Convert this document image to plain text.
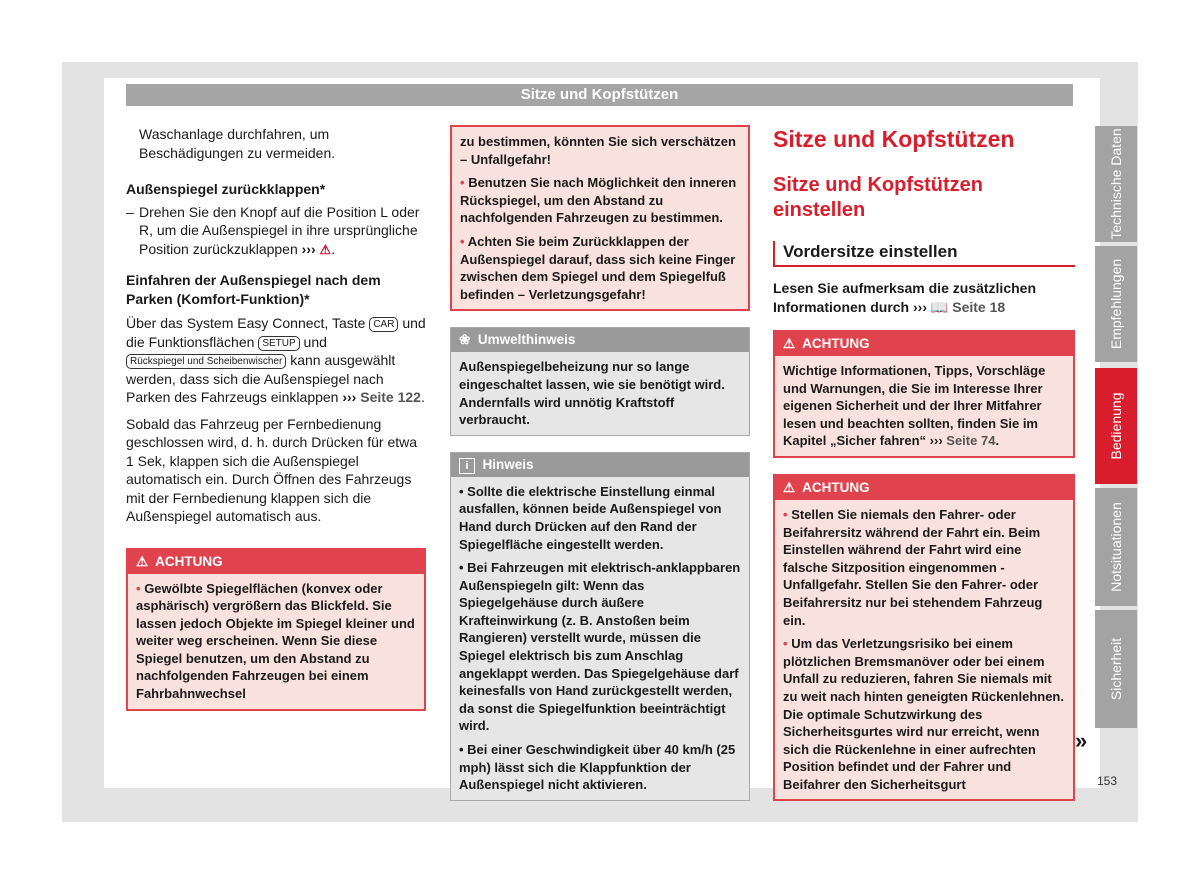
Sitze und Kopfstützen

Waschanlage durchfahren, um Beschädigungen zu vermeiden.

Außenspiegel zurückklappen*

– Drehen Sie den Knopf auf die Position L oder R, um die Außenspiegel in ihre ursprüngliche Position zurückzuklappen ››› ⚠.

Einfahren der Außenspiegel nach dem Parken (Komfort-Funktion)*

Über das System Easy Connect, Taste CAR und die Funktionsflächen SETUP und Rückspiegel und Scheibenwischer kann ausgewählt werden, dass sich die Außenspiegel nach Parken des Fahrzeugs einklappen ››› Seite 122.

Sobald das Fahrzeug per Fernbedienung geschlossen wird, d. h. durch Drücken für etwa 1 Sek, klappen sich die Außenspiegel automatisch ein. Durch Öffnen des Fahrzeugs mit der Fernbedienung klappen sich die Außenspiegel automatisch aus.

⚠ ACHTUNG

• Gewölbte Spiegelflächen (konvex oder asphärisch) vergrößern das Blickfeld. Sie lassen jedoch Objekte im Spiegel kleiner und weiter weg erscheinen. Wenn Sie diese Spiegel benutzen, um den Abstand zu nachfolgenden Fahrzeugen bei einem Fahrbahnwechsel

zu bestimmen, könnten Sie sich verschätzen – Unfallgefahr!

• Benutzen Sie nach Möglichkeit den inneren Rückspiegel, um den Abstand zu nachfolgenden Fahrzeugen zu bestimmen.

• Achten Sie beim Zurückklappen der Außenspiegel darauf, dass sich keine Finger zwischen dem Spiegel und dem Spiegelfuß befinden – Verletzungsgefahr!

❀ Umwelthinweis

Außenspiegelbeheizung nur so lange eingeschaltet lassen, wie sie benötigt wird. Andernfalls wird unnötig Kraftstoff verbraucht.

i Hinweis

• Sollte die elektrische Einstellung einmal ausfallen, können beide Außenspiegel von Hand durch Drücken auf den Rand der Spiegelfläche eingestellt werden.

• Bei Fahrzeugen mit elektrisch-anklappbaren Außenspiegeln gilt: Wenn das Spiegelgehäuse durch äußere Krafteinwirkung (z. B. Anstoßen beim Rangieren) verstellt wurde, müssen die Spiegel elektrisch bis zum Anschlag angeklappt werden. Das Spiegelgehäuse darf keinesfalls von Hand zurückgestellt werden, da sonst die Spiegelfunktion beeinträchtigt wird.

• Bei einer Geschwindigkeit über 40 km/h (25 mph) lässt sich die Klappfunktion der Außenspiegel nicht aktivieren.

Sitze und Kopfstützen

Sitze und Kopfstützen einstellen

Vordersitze einstellen

Lesen Sie aufmerksam die zusätzlichen Informationen durch ››› 📖 Seite 18

⚠ ACHTUNG

Wichtige Informationen, Tipps, Vorschläge und Warnungen, die Sie im Interesse Ihrer eigenen Sicherheit und der Ihrer Mitfahrer lesen und beachten sollten, finden Sie im Kapitel „Sicher fahren“ ››› Seite 74.

⚠ ACHTUNG

• Stellen Sie niemals den Fahrer- oder Beifahrersitz während der Fahrt ein. Beim Einstellen während der Fahrt wird eine falsche Sitzposition eingenommen - Unfallgefahr. Stellen Sie den Fahrer- oder Beifahrersitz nur bei stehendem Fahrzeug ein.

• Um das Verletzungsrisiko bei einem plötzlichen Bremsmanöver oder bei einem Unfall zu reduzieren, fahren Sie niemals mit zu weit nach hinten geneigten Rückenlehnen. Die optimale Schutzwirkung des Sicherheitsgurtes wird nur erreicht, wenn sich die Rückenlehne in einer aufrechten Position befindet und der Fahrer und Beifahrer den Sicherheitsgurt

»
Technische Daten
Empfehlungen
Bedienung
Notsituationen
Sicherheit
153
